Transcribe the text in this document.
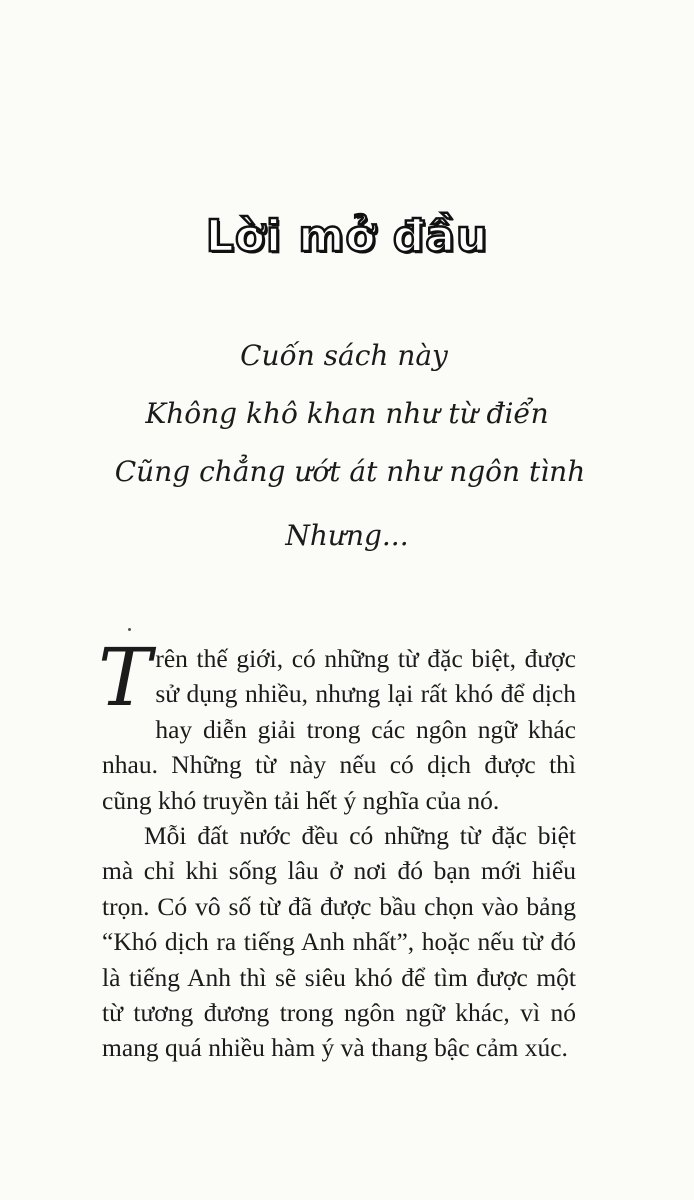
Lời mở đầu
Cuốn sách này
Không khô khan như từ điển
Cũng chẳng ướt át như ngôn tình
Nhưng...

Trên thế giới, có những từ đặc biệt, được sử dụng nhiều, nhưng lại rất khó để dịch hay diễn giải trong các ngôn ngữ khác nhau. Những từ này nếu có dịch được thì cũng khó truyền tải hết ý nghĩa của nó.

Mỗi đất nước đều có những từ đặc biệt mà chỉ khi sống lâu ở nơi đó bạn mới hiểu trọn. Có vô số từ đã được bầu chọn vào bảng “Khó dịch ra tiếng Anh nhất”, hoặc nếu từ đó là tiếng Anh thì sẽ siêu khó để tìm được một từ tương đương trong ngôn ngữ khác, vì nó mang quá nhiều hàm ý và thang bậc cảm xúc.
